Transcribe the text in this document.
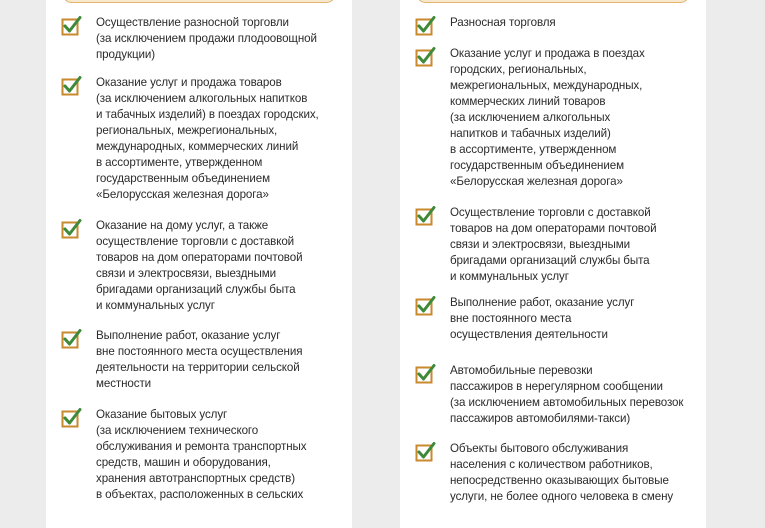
Осуществление разносной торговли
(за исключением продажи плодоовощной
продукции)
Оказание услуг и продажа товаров
(за исключением алкогольных напитков
и табачных изделий) в поездах городских,
региональных, межрегиональных,
международных, коммерческих линий
в ассортименте, утвержденном
государственным объединением
«Белорусская железная дорога»
Оказание на дому услуг, а также
осуществление торговли с доставкой
товаров на дом операторами почтовой
связи и электросвязи, выездными
бригадами организаций службы быта
и коммунальных услуг
Выполнение работ, оказание услуг
вне постоянного места осуществления
деятельности на территории сельской
местности
Оказание бытовых услуг
(за исключением технического
обслуживания и ремонта транспортных
средств, машин и оборудования,
хранения автотранспортных средств)
в объектах, расположенных в сельских
Разносная торговля
Оказание услуг и продажа в поездах
городских, региональных,
межрегиональных, международных,
коммерческих линий товаров
(за исключением алкогольных
напитков и табачных изделий)
в ассортименте, утвержденном
государственным объединением
«Белорусская железная дорога»
Осуществление торговли с доставкой
товаров на дом операторами почтовой
связи и электросвязи, выездными
бригадами организаций службы быта
и коммунальных услуг
Выполнение работ, оказание услуг
вне постоянного места
осуществления деятельности
Автомобильные перевозки
пассажиров в нерегулярном сообщении
(за исключением автомобильных перевозок
пассажиров автомобилями-такси)
Объекты бытового обслуживания
населения с количеством работников,
непосредственно оказывающих бытовые
услуги, не более одного человека в смену
